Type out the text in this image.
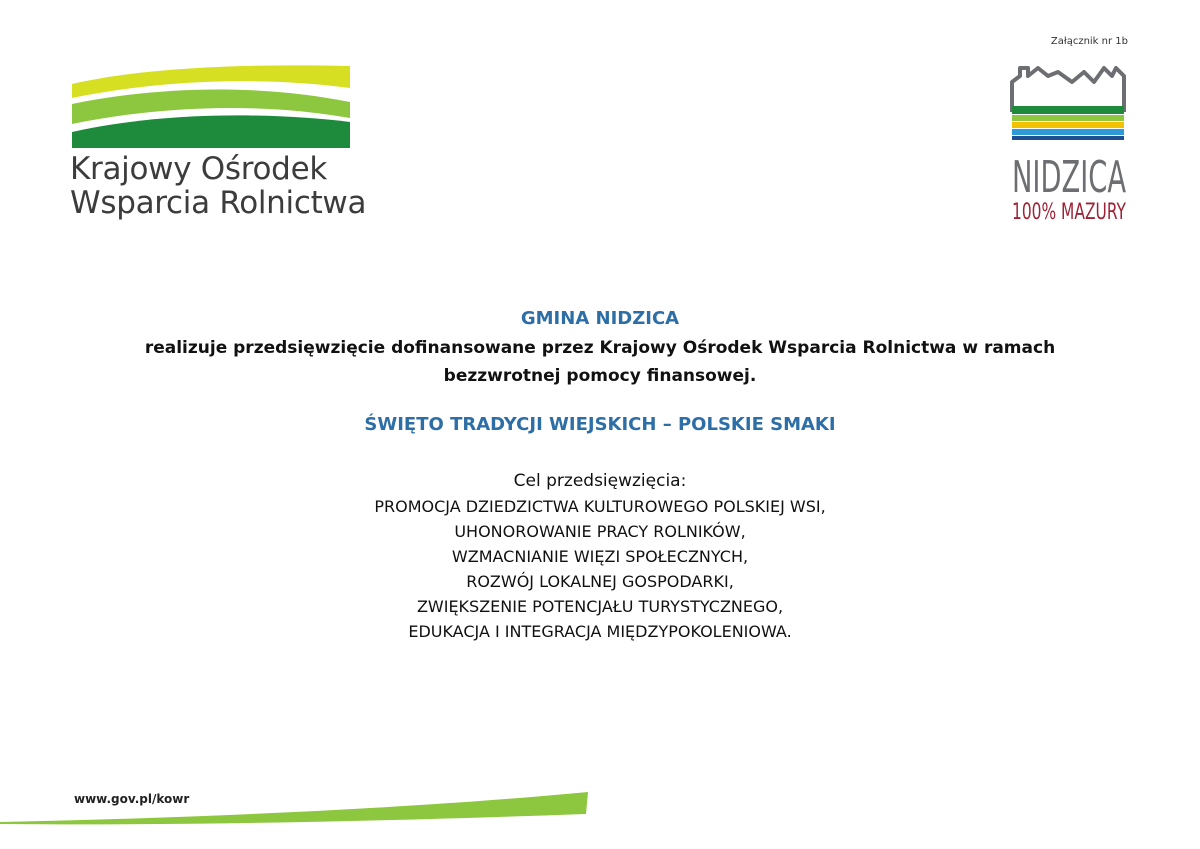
Załącznik nr 1b
Krajowy Ośrodek
Wsparcia Rolnictwa	NIDZICA
100% MAZURY

GMINA NIDZICA

realizuje przedsięwzięcie dofinansowane przez Krajowy Ośrodek Wsparcia Rolnictwa w ramach
bezzwrotnej pomocy finansowej.

ŚWIĘTO TRADYCJI WIEJSKICH – POLSKIE SMAKI

Cel przedsięwzięcia:

PROMOCJA DZIEDZICTWA KULTUROWEGO POLSKIEJ WSI,
UHONOROWANIE PRACY ROLNIKÓW,
WZMACNIANIE WIĘZI SPOŁECZNYCH,
ROZWÓJ LOKALNEJ GOSPODARKI,
ZWIĘKSZENIE POTENCJAŁU TURYSTYCZNEGO,
EDUKACJA I INTEGRACJA MIĘDZYPOKOLENIOWA.
www.gov.pl/kowr
